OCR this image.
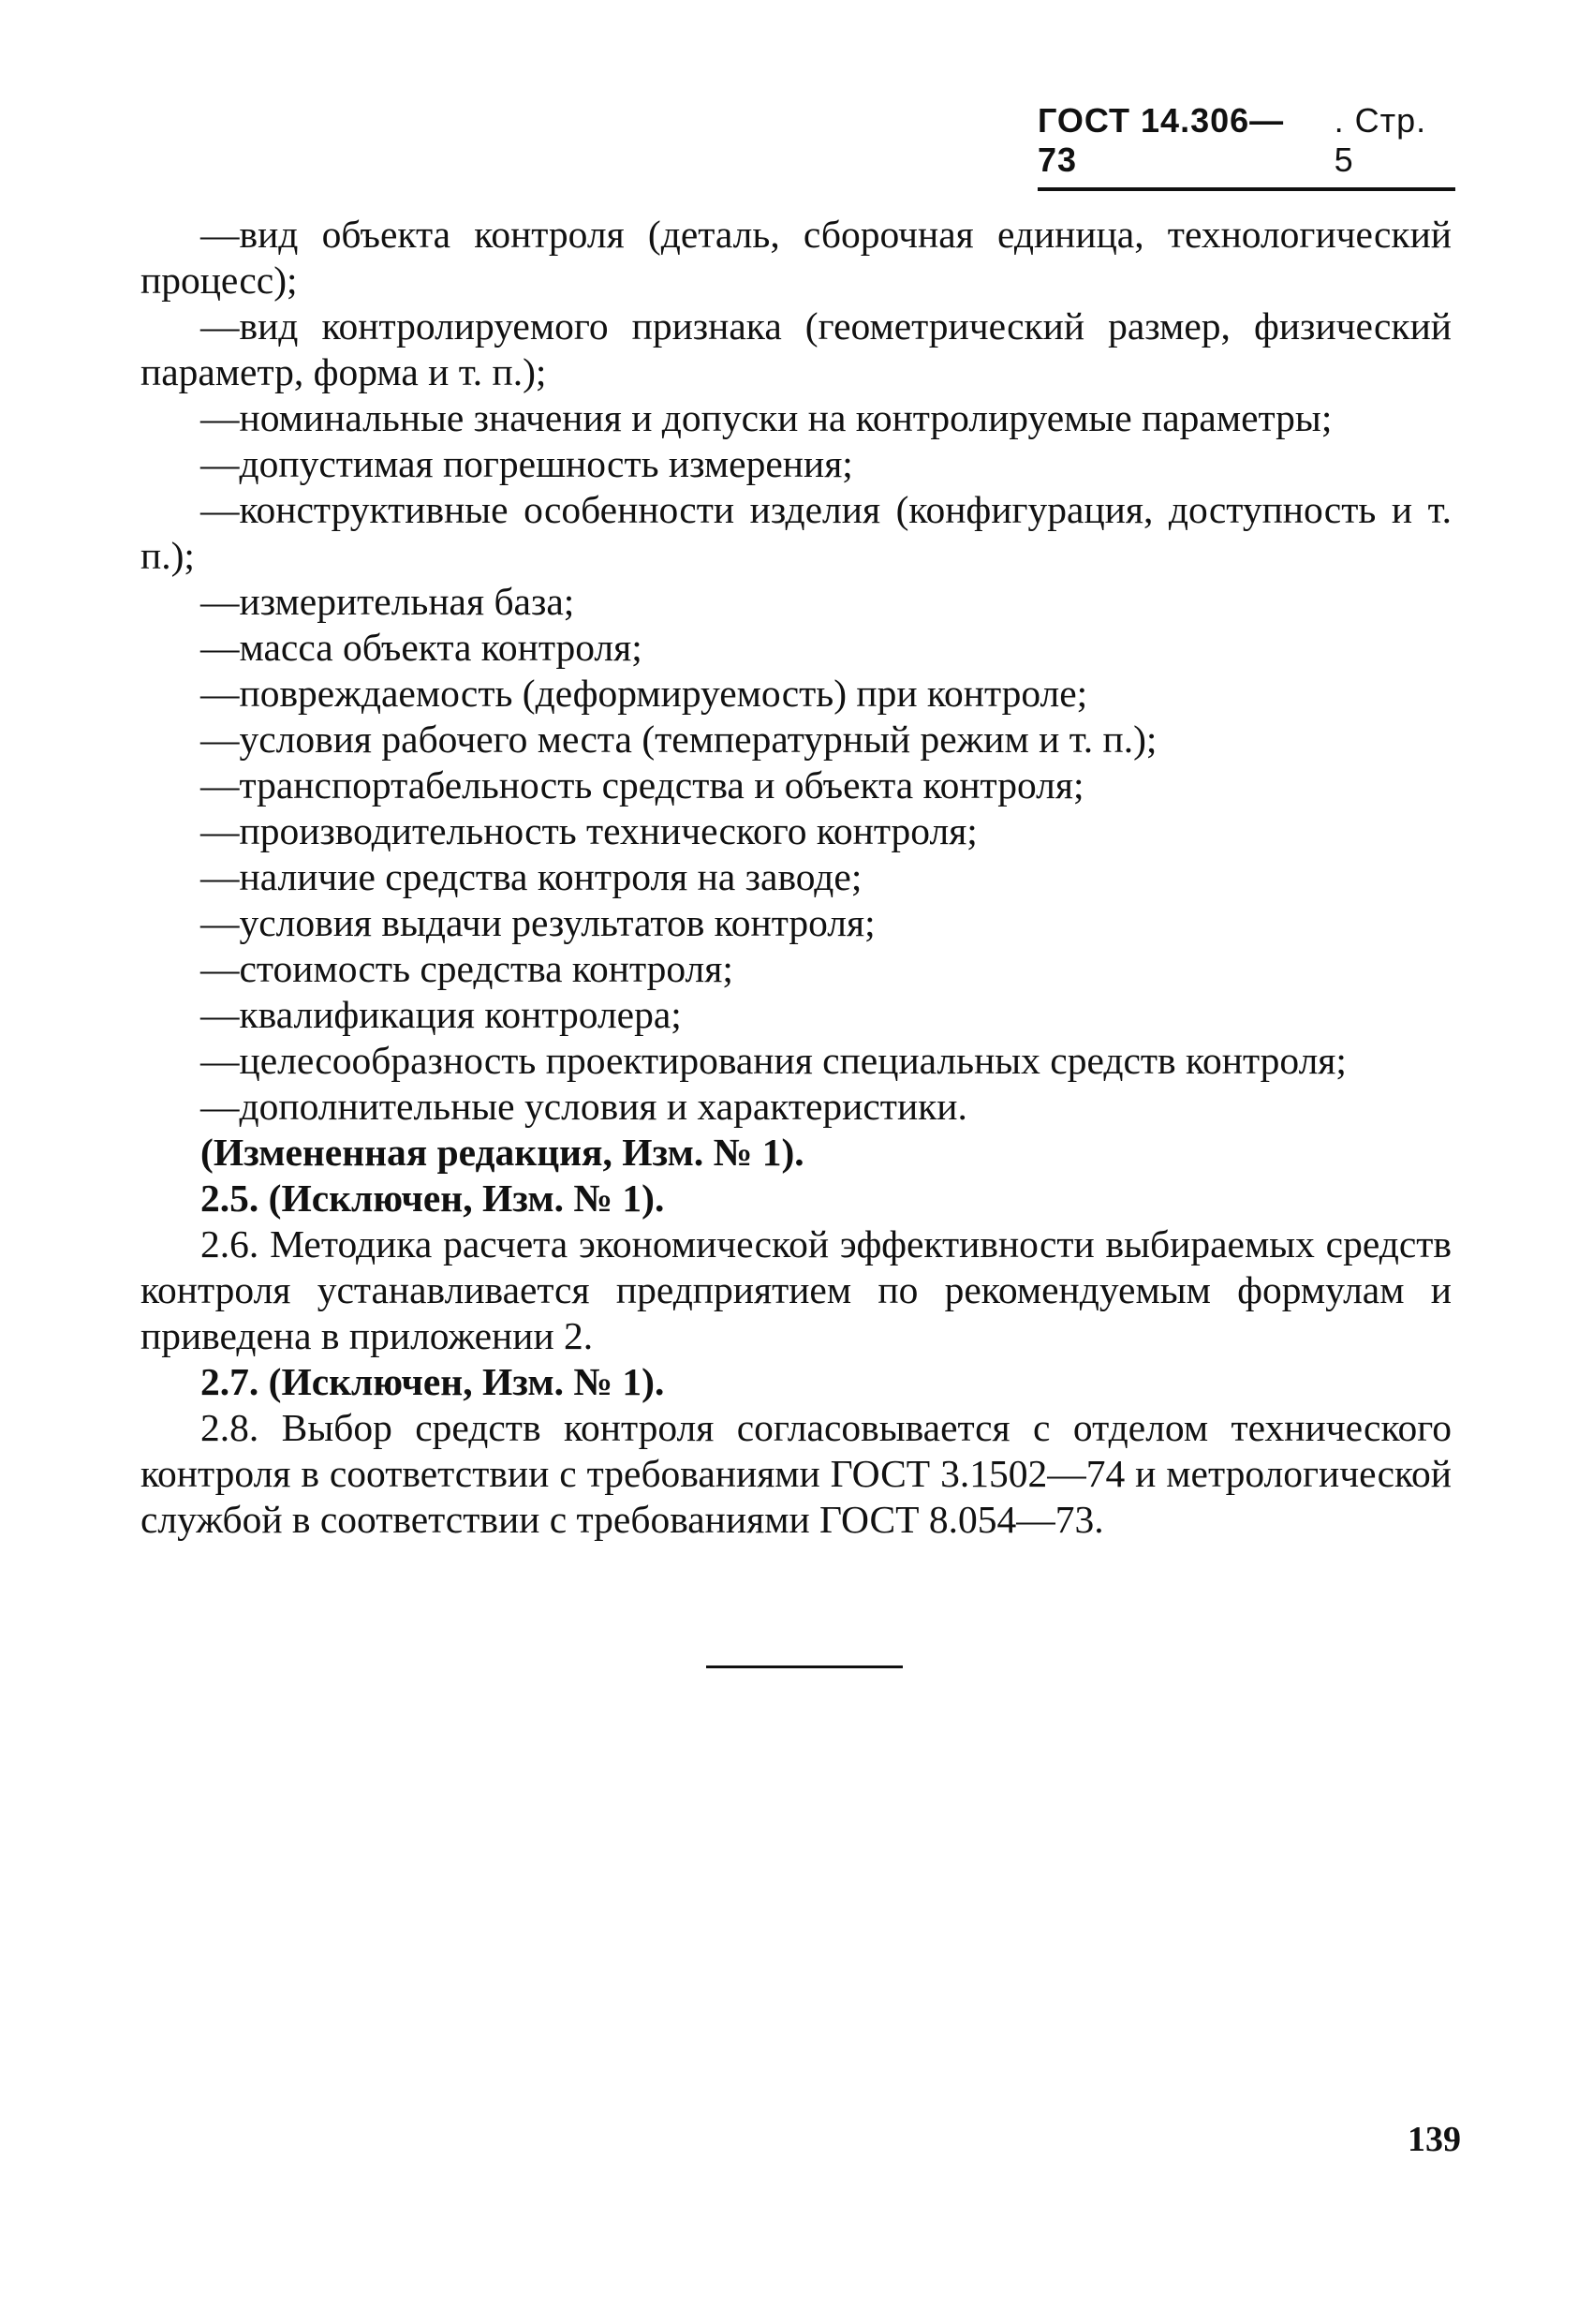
ГОСТ 14.306—73
. Стр. 5

—вид объекта контроля (деталь, сборочная единица, технологический процесс);

—вид контролируемого признака (геометрический размер, физический параметр, форма и т. п.);

—номинальные значения и допуски на контролируемые параметры;

—допустимая погрешность измерения;

—конструктивные особенности изделия (конфигурация, доступность и т. п.);

—измерительная база;

—масса объекта контроля;

—повреждаемость (деформируемость) при контроле;

—условия рабочего места (температурный режим и т. п.);

—транспортабельность средства и объекта контроля;

—производительность технического контроля;

—наличие средства контроля на заводе;

—условия выдачи результатов контроля;

—стоимость средства контроля;

—квалификация контролера;

—целесообразность проектирования специальных средств контроля;

—дополнительные условия и характеристики.

(Измененная редакция, Изм. № 1).

2.5. (Исключен, Изм. № 1).

2.6. Методика расчета экономической эффективности выбираемых средств контроля устанавливается предприятием по рекомендуемым формулам и приведена в приложении 2.

2.7. (Исключен, Изм. № 1).

2.8. Выбор средств контроля согласовывается с отделом технического контроля в соответствии с требованиями ГОСТ 3.1502—74 и метрологической службой в соответствии с требованиями ГОСТ 8.054—73.

139
